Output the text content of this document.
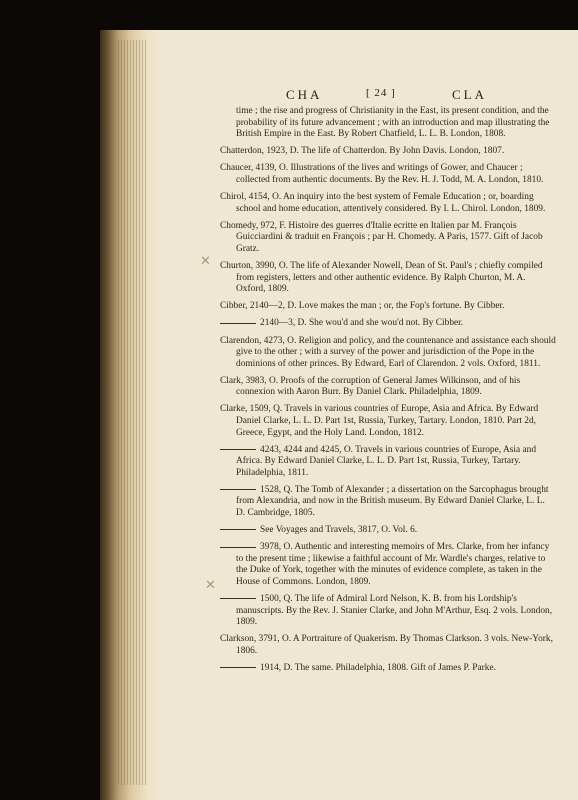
CHA	[ 24 ]	CLA
time ; the rise and progress of Christianity in the East, its present condition, and the probability of its future advancement ; with an introduction and map illustrating the British Empire in the East. By Robert Chatfield, L. L. B. London, 1808.
Chatterdon, 1923, D. The life of Chatterdon. By John Davis. London, 1807.
Chaucer, 4139, O. Illustrations of the lives and writings of Gower, and Chaucer ; collected from authentic documents. By the Rev. H. J. Todd, M. A. London, 1810.
Chirol, 4154, O. An inquiry into the best system of Female Education ; or, boarding school and home education, attentively considered. By I. L. Chirol. London, 1809.
Chomedy, 972, F. Histoire des guerres d'Italie ecritte en Italien par M. François Guicciardini & traduit en François ; par H. Chomedy. A Paris, 1577. Gift of Jacob Gratz.
Churton, 3990, O. The life of Alexander Nowell, Dean of St. Paul's ; chiefly compiled from registers, letters and other authentic evidence. By Ralph Churton, M. A. Oxford, 1809.
Cibber, 2140—2, D. Love makes the man ; or, the Fop's fortune. By Cibber.
2140—3, D. She wou'd and she wou'd not. By Cibber.
Clarendon, 4273, O. Religion and policy, and the countenance and assistance each should give to the other ; with a survey of the power and jurisdiction of the Pope in the dominions of other princes. By Edward, Earl of Clarendon. 2 vols. Oxford, 1811.
Clark, 3983, O. Proofs of the corruption of General James Wilkinson, and of his connexion with Aaron Burr. By Daniel Clark. Philadelphia, 1809.
Clarke, 1509, Q. Travels in various countries of Europe, Asia and Africa. By Edward Daniel Clarke, L. L. D. Part 1st, Russia, Turkey, Tartary. London, 1810. Part 2d, Greece, Egypt, and the Holy Land. London, 1812.
4243, 4244 and 4245, O. Travels in various countries of Europe, Asia and Africa. By Edward Daniel Clarke, L. L. D. Part 1st, Russia, Turkey, Tartary. Philadelphia, 1811.
1528, Q. The Tomb of Alexander ; a dissertation on the Sarcophagus brought from Alexandria, and now in the British museum. By Edward Daniel Clarke, L. L. D. Cambridge, 1805.
See Voyages and Travels, 3817, O. Vol. 6.
3978, O. Authentic and interesting memoirs of Mrs. Clarke, from her infancy to the present time ; likewise a faithful account of Mr. Wardle's charges, relative to the Duke of York, together with the minutes of evidence complete, as taken in the House of Commons. London, 1809.
1500, Q. The life of Admiral Lord Nelson, K. B. from his Lordship's manuscripts. By the Rev. J. Stanier Clarke, and John M'Arthur, Esq. 2 vols. London, 1809.
Clarkson, 3791, O. A Portraiture of Quakerism. By Thomas Clarkson. 3 vols. New-York, 1806.
1914, D. The same. Philadelphia, 1808. Gift of James P. Parke.
✕
✕
